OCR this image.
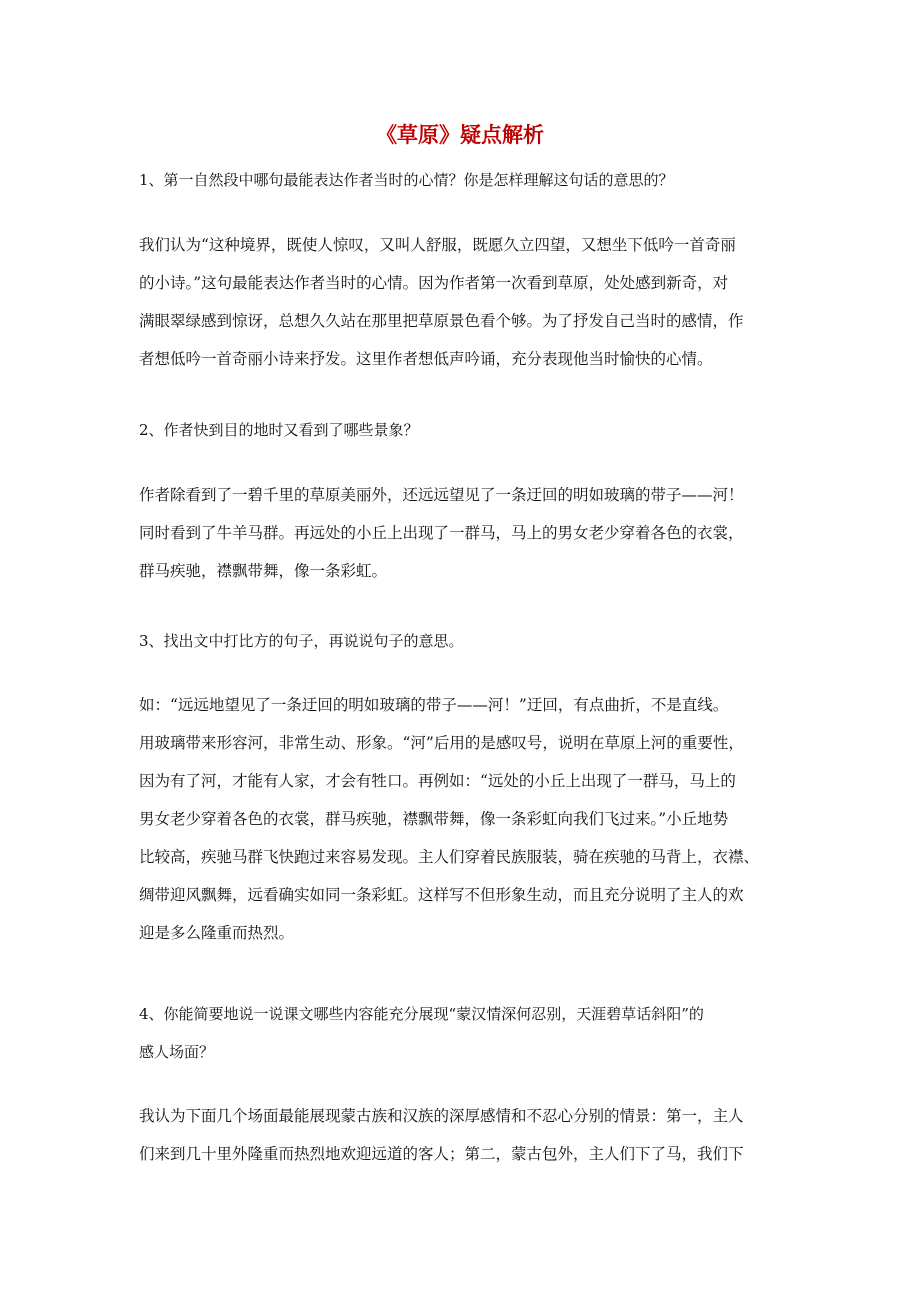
《草原》疑点解析

1、第一自然段中哪句最能表达作者当时的心情？你是怎样理解这句话的意思的？

我们认为“这种境界，既使人惊叹，又叫人舒服，既愿久立四望，又想坐下低吟一首奇丽
的小诗。”这句最能表达作者当时的心情。因为作者第一次看到草原，处处感到新奇，对
满眼翠绿感到惊讶，总想久久站在那里把草原景色看个够。为了抒发自己当时的感情，作
者想低吟一首奇丽小诗来抒发。这里作者想低声吟诵，充分表现他当时愉快的心情。

2、作者快到目的地时又看到了哪些景象？

作者除看到了一碧千里的草原美丽外，还远远望见了一条迂回的明如玻璃的带子——河！
同时看到了牛羊马群。再远处的小丘上出现了一群马，马上的男女老少穿着各色的衣裳，
群马疾驰，襟飘带舞，像一条彩虹。

3、找出文中打比方的句子，再说说句子的意思。

如：“远远地望见了一条迂回的明如玻璃的带子——河！”迂回，有点曲折，不是直线。
用玻璃带来形容河，非常生动、形象。“河”后用的是感叹号，说明在草原上河的重要性，
因为有了河，才能有人家，才会有牲口。再例如：“远处的小丘上出现了一群马，马上的
男女老少穿着各色的衣裳，群马疾驰，襟飘带舞，像一条彩虹向我们飞过来。”小丘地势
比较高，疾驰马群飞快跑过来容易发现。主人们穿着民族服装，骑在疾驰的马背上，衣襟、
绸带迎风飘舞，远看确实如同一条彩虹。这样写不但形象生动，而且充分说明了主人的欢
迎是多么隆重而热烈。

4、你能简要地说一说课文哪些内容能充分展现“蒙汉情深何忍别，天涯碧草话斜阳”的
感人场面？

我认为下面几个场面最能展现蒙古族和汉族的深厚感情和不忍心分别的情景：第一，主人
们来到几十里外隆重而热烈地欢迎远道的客人；第二，蒙古包外，主人们下了马，我们下
